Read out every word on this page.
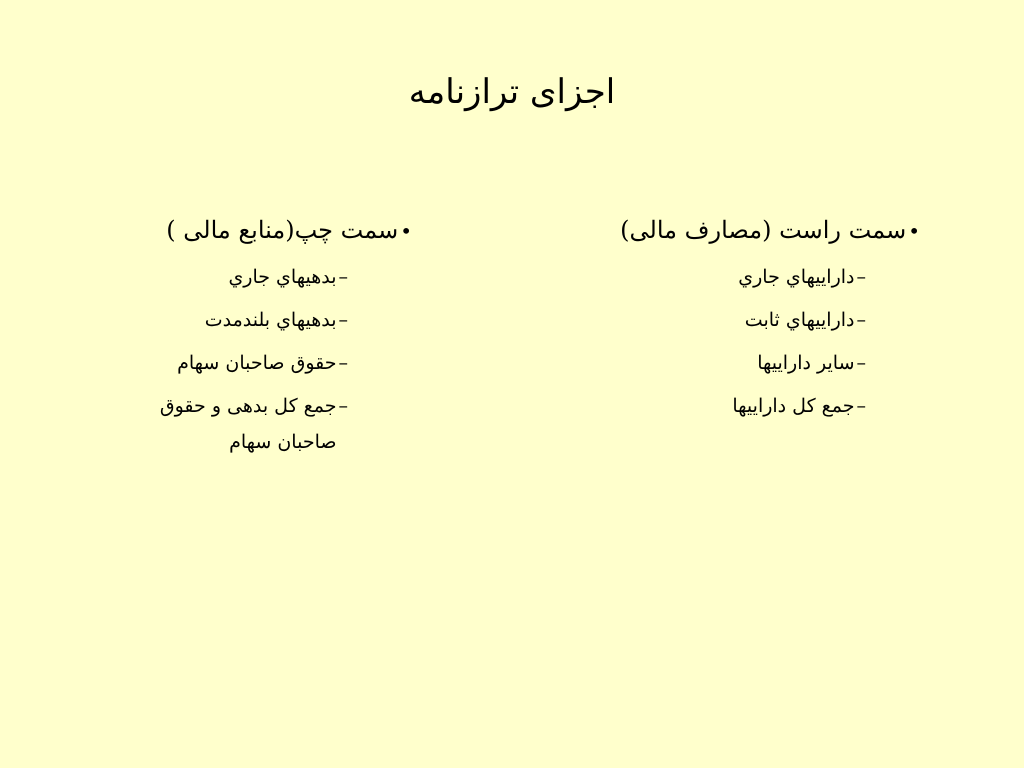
اجزای ترازنامه
•سمت راست (مصارف مالی)
–
داراييهاي جاري
–
داراييهاي ثابت
–
ساير داراييها
–
جمع كل داراييها
•سمت چپ(منابع مالی )
–
بدهيهاي جاري
–
بدهيهاي بلندمدت
–
حقوق صاحبان سهام
–
جمع کل بدهی و حقوق صاحبان سهام
